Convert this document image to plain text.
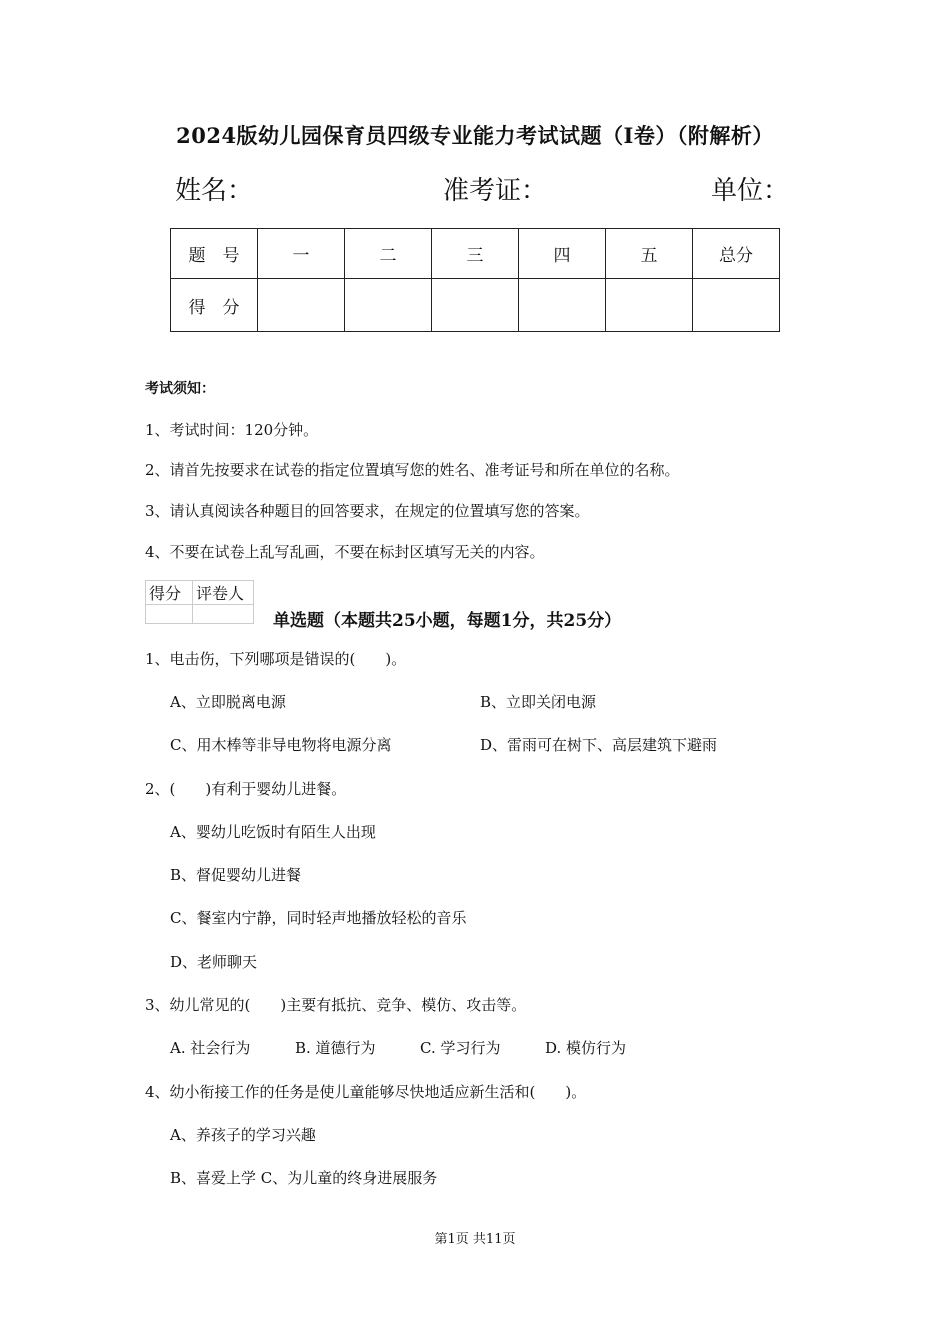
2024版幼儿园保育员四级专业能力考试试题（I卷）（附解析）
姓名：	准考证：	单位：
题　号	一	二	三	四	五	总分
得　分						
考试须知：
1、考试时间：120分钟。
2、请首先按要求在试卷的指定位置填写您的姓名、准考证号和所在单位的名称。
3、请认真阅读各种题目的回答要求，在规定的位置填写您的答案。
4、不要在试卷上乱写乱画，不要在标封区填写无关的内容。
得分	评卷人

单选题（本题共25小题，每题1分，共25分）
1、电击伤，下列哪项是错误的(　　)。
A、立即脱离电源	B、立即关闭电源
C、用木棒等非导电物将电源分离	D、雷雨可在树下、高层建筑下避雨
2、(　　)有利于婴幼儿进餐。
A、婴幼儿吃饭时有陌生人出现
B、督促婴幼儿进餐
C、餐室内宁静，同时轻声地播放轻松的音乐
D、老师聊天
3、幼儿常见的(　　)主要有抵抗、竞争、模仿、攻击等。
A. 社会行为	B. 道德行为	C. 学习行为	D. 模仿行为
4、幼小衔接工作的任务是使儿童能够尽快地适应新生活和(　　)。
A、养孩子的学习兴趣
B、喜爱上学 C、为儿童的终身进展服务
第1页 共11页
